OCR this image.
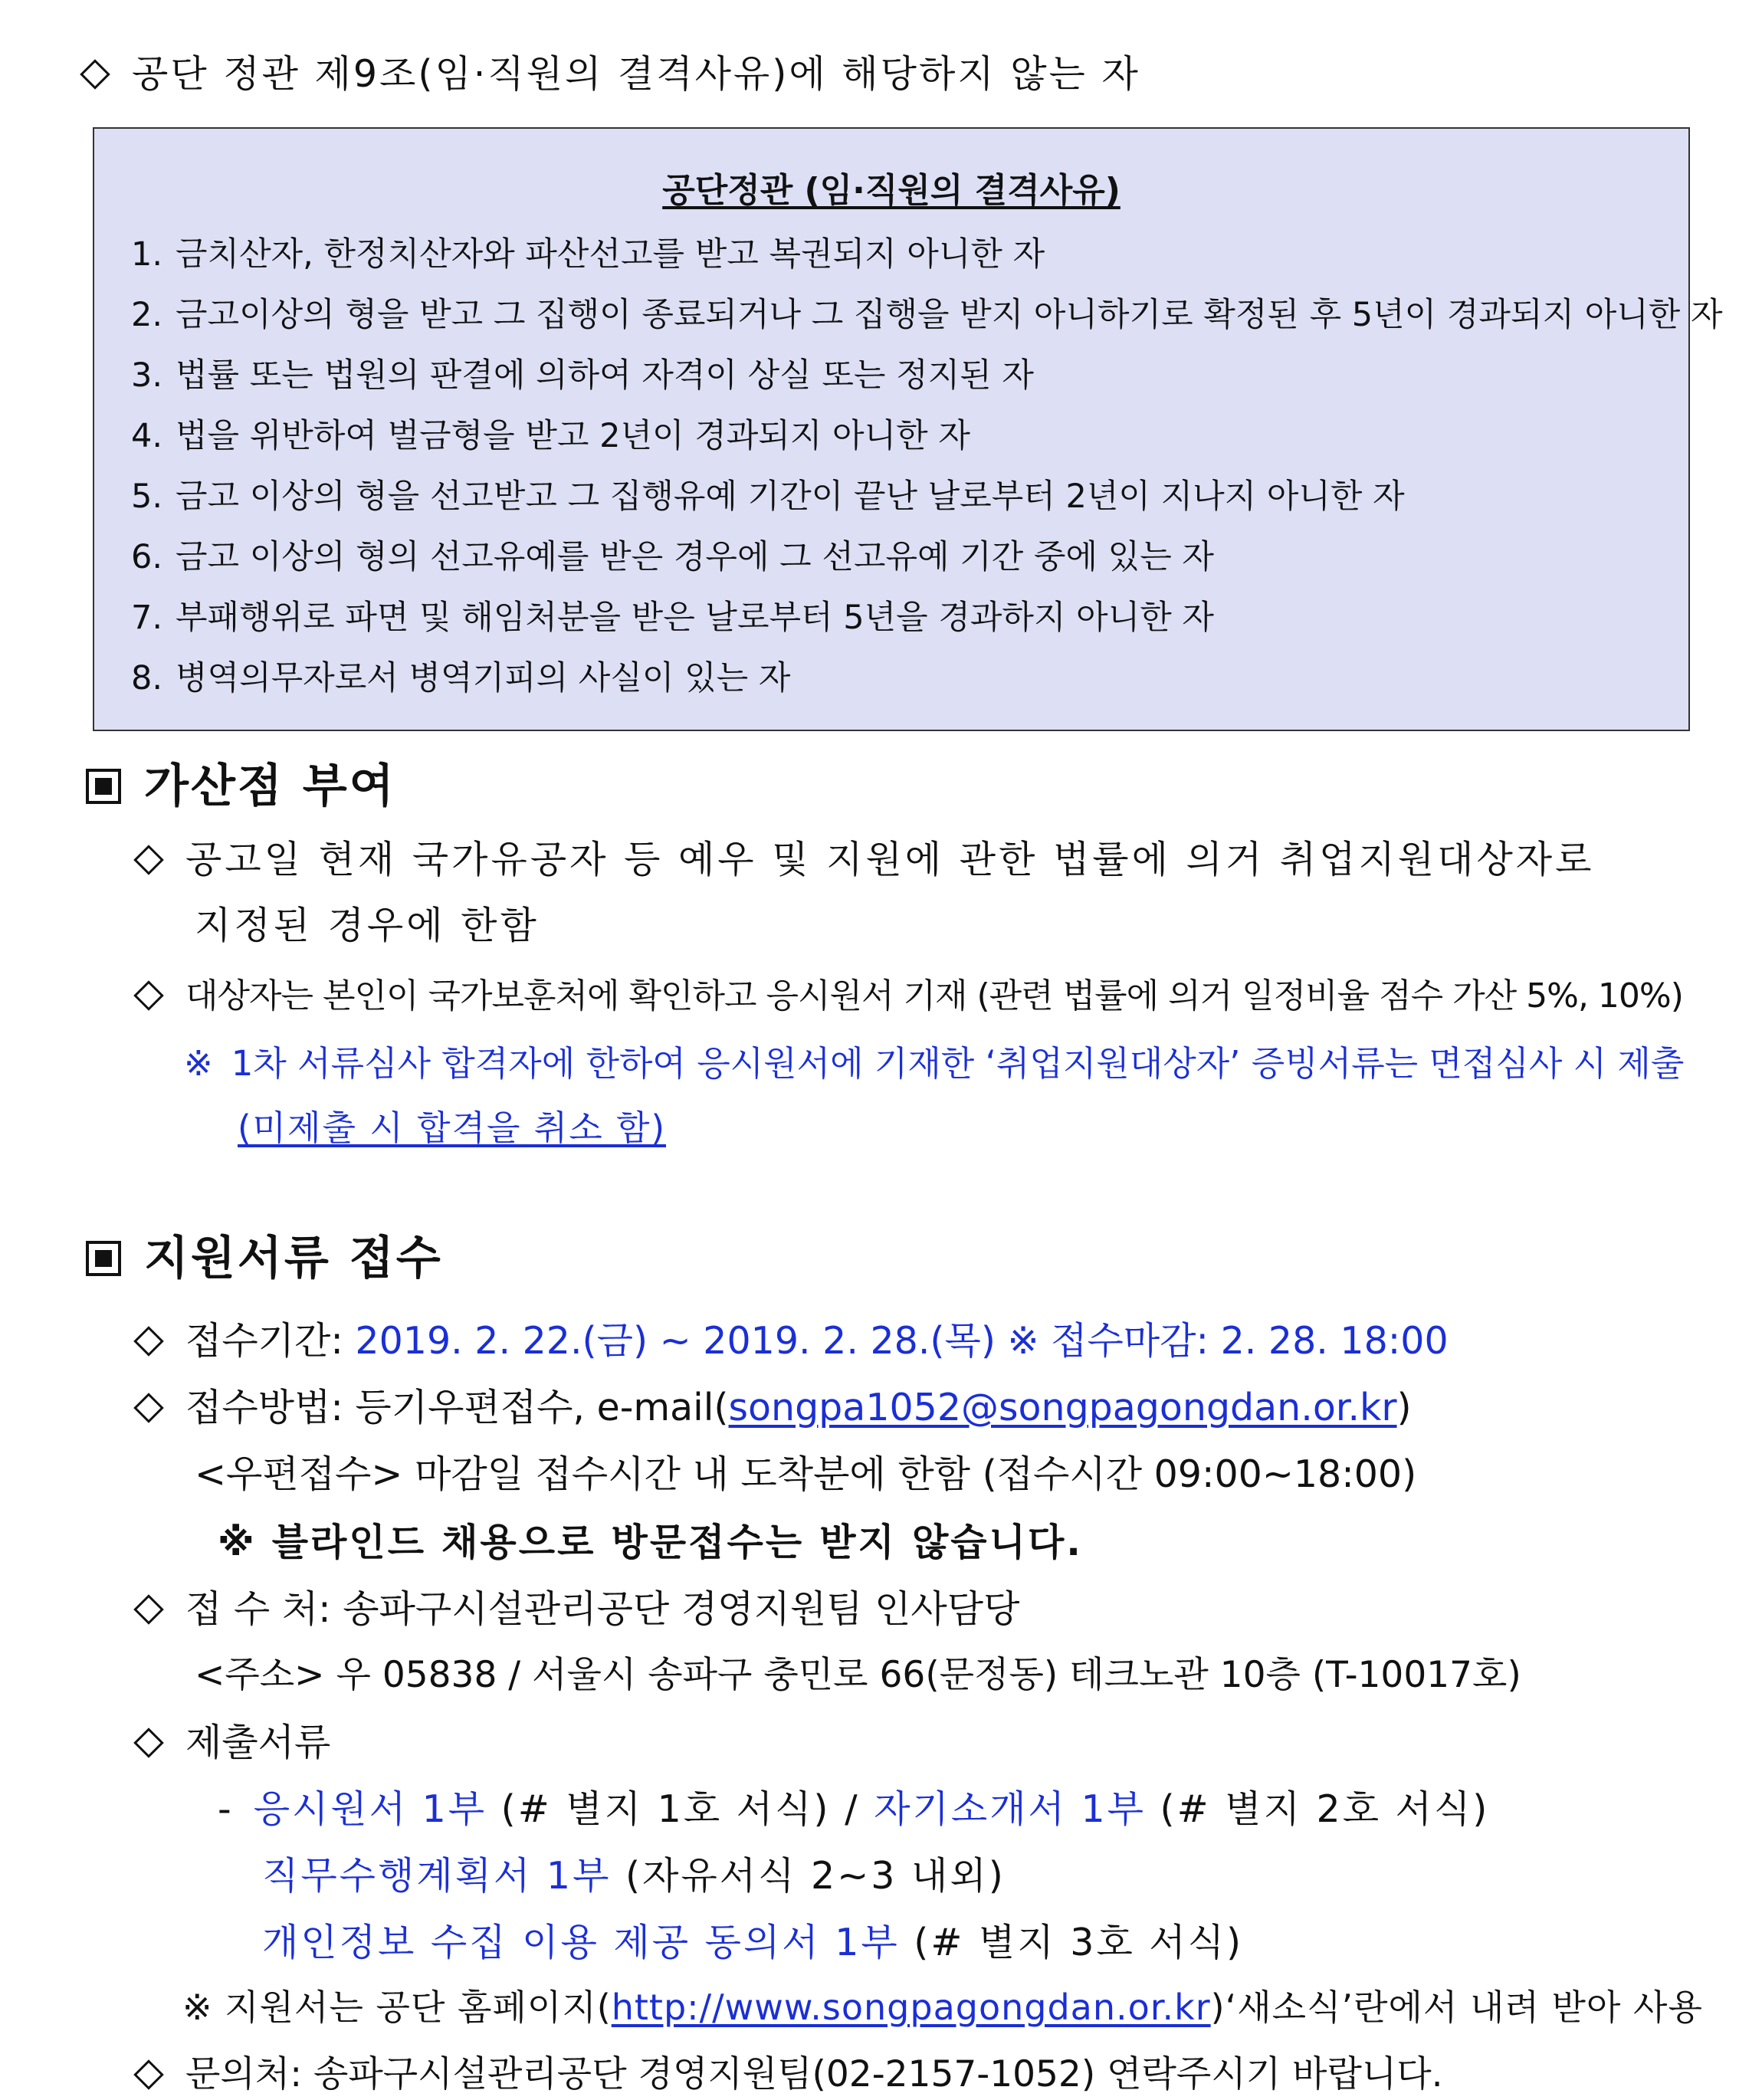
공단 정관 제9조(임·직원의 결격사유)에 해당하지 않는 자
공단정관 (임·직원의 결격사유)
1. 금치산자, 한정치산자와 파산선고를 받고 복권되지 아니한 자
2. 금고이상의 형을 받고 그 집행이 종료되거나 그 집행을 받지 아니하기로 확정된 후 5년이 경과되지 아니한 자
3. 법률 또는 법원의 판결에 의하여 자격이 상실 또는 정지된 자
4. 법을 위반하여 벌금형을 받고 2년이 경과되지 아니한 자
5. 금고 이상의 형을 선고받고 그 집행유예 기간이 끝난 날로부터 2년이 지나지 아니한 자
6. 금고 이상의 형의 선고유예를 받은 경우에 그 선고유예 기간 중에 있는 자
7. 부패행위로 파면 및 해임처분을 받은 날로부터 5년을 경과하지 아니한 자
8. 병역의무자로서 병역기피의 사실이 있는 자
가산점 부여
공고일 현재 국가유공자 등 예우 및 지원에 관한 법률에 의거 취업지원대상자로
지정된 경우에 한함
대상자는 본인이 국가보훈처에 확인하고 응시원서 기재 (관련 법률에 의거 일정비율 점수 가산 5%, 10%)
※ 1차 서류심사 합격자에 한하여 응시원서에 기재한 ‘취업지원대상자’ 증빙서류는 면접심사 시 제출
(미제출 시 합격을 취소 함)
지원서류 접수
접수기간: 2019. 2. 22.(금) ~ 2019. 2. 28.(목) ※ 접수마감: 2. 28. 18:00
접수방법: 등기우편접수, e-mail(songpa1052@songpagongdan.or.kr)
<우편접수> 마감일 접수시간 내 도착분에 한함 (접수시간 09:00~18:00)
※ 블라인드 채용으로 방문접수는 받지 않습니다.
접 수 처: 송파구시설관리공단 경영지원팀 인사담당
<주소> 우 05838 / 서울시 송파구 충민로 66(문정동) 테크노관 10층 (T-10017호)
제출서류
- 응시원서 1부 (# 별지 1호 서식) / 자기소개서 1부 (# 별지 2호 서식)
직무수행계획서 1부 (자유서식 2~3 내외)
개인정보 수집 이용 제공 동의서 1부 (# 별지 3호 서식)
※ 지원서는 공단 홈페이지(http://www.songpagongdan.or.kr)‘새소식’란에서 내려 받아 사용
문의처: 송파구시설관리공단 경영지원팀(02-2157-1052) 연락주시기 바랍니다.
